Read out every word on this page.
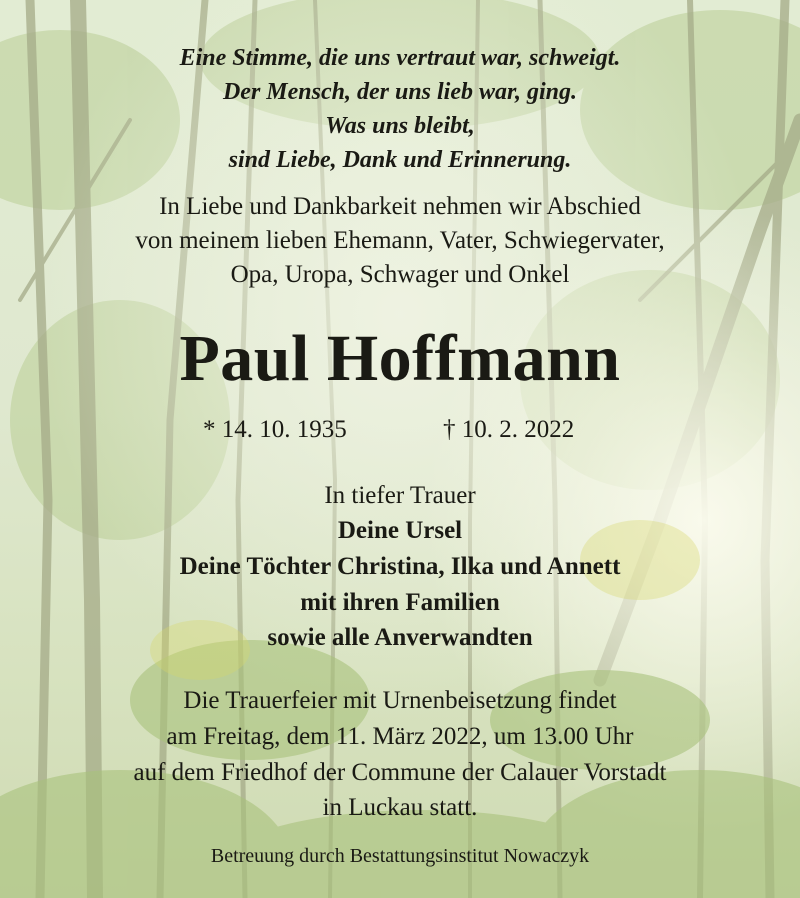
Eine Stimme, die uns vertraut war, schweigt.
Der Mensch, der uns lieb war, ging.
Was uns bleibt,
sind Liebe, Dank und Erinnerung.
In Liebe und Dankbarkeit nehmen wir Abschied
von meinem lieben Ehemann, Vater, Schwiegervater,
Opa, Uropa, Schwager und Onkel
Paul Hoffmann
* 14. 10. 1935	† 10. 2. 2022
In tiefer Trauer
Deine Ursel
Deine Töchter Christina, Ilka und Annett
mit ihren Familien
sowie alle Anverwandten
Die Trauerfeier mit Urnenbeisetzung findet
am Freitag, dem 11. März 2022, um 13.00 Uhr
auf dem Friedhof der Commune der Calauer Vorstadt
in Luckau statt.
Betreuung durch Bestattungsinstitut Nowaczyk
